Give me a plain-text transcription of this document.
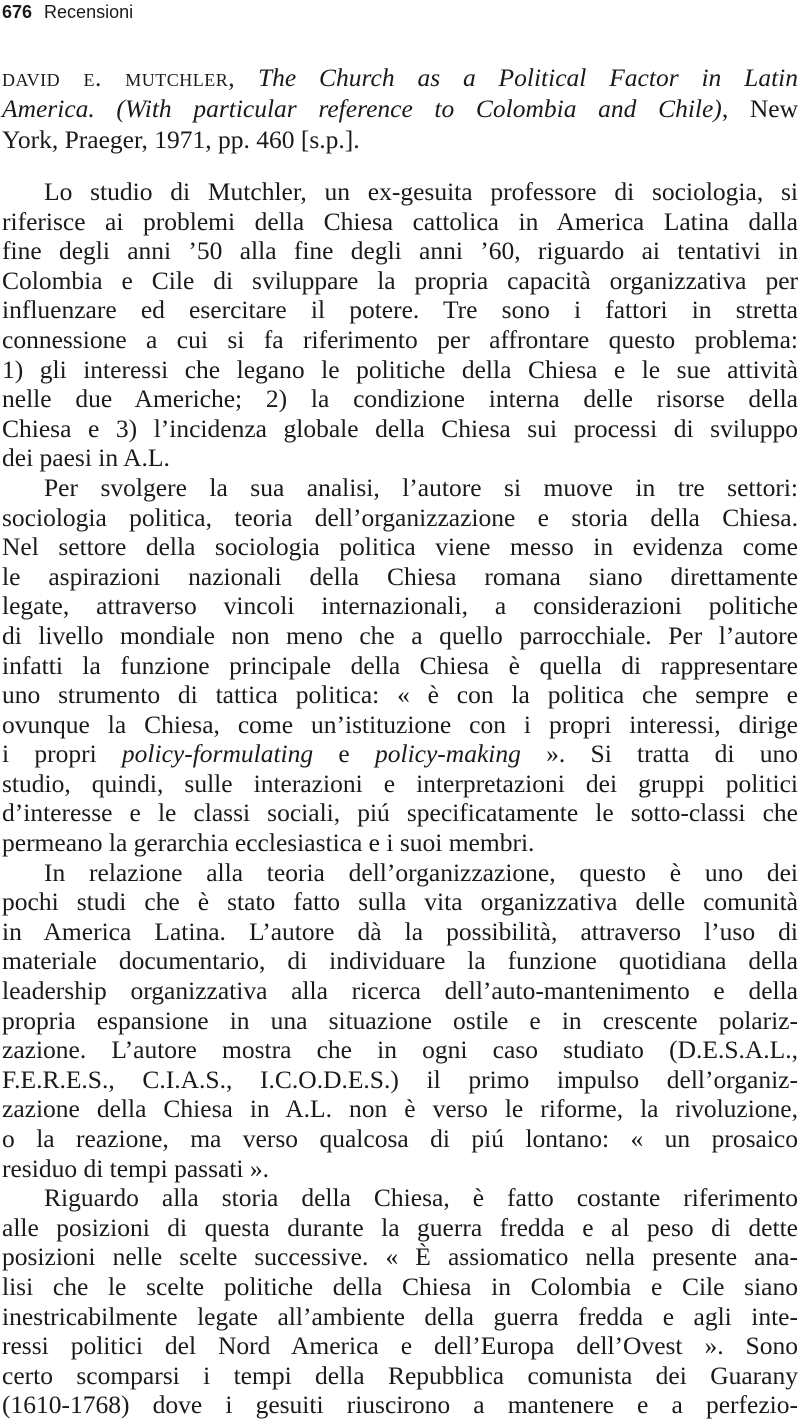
676 Recensioni
david e. mutchler, The Church as a Political Factor in Latin
America. (With particular reference to Colombia and Chile), New
York, Praeger, 1971, pp. 460 [s.p.].

Lo studio di Mutchler, un ex-gesuita professore di sociologia, si
riferisce ai problemi della Chiesa cattolica in America Latina dalla
fine degli anni ’50 alla fine degli anni ’60, riguardo ai tentativi in
Colombia e Cile di sviluppare la propria capacità organizzativa per
influenzare ed esercitare il potere. Tre sono i fattori in stretta
connessione a cui si fa riferimento per affrontare questo problema:
1) gli interessi che legano le politiche della Chiesa e le sue attività
nelle due Americhe; 2) la condizione interna delle risorse della
Chiesa e 3) l’incidenza globale della Chiesa sui processi di sviluppo
dei paesi in A.L.

Per svolgere la sua analisi, l’autore si muove in tre settori:
sociologia politica, teoria dell’organizzazione e storia della Chiesa.
Nel settore della sociologia politica viene messo in evidenza come
le aspirazioni nazionali della Chiesa romana siano direttamente
legate, attraverso vincoli internazionali, a considerazioni politiche
di livello mondiale non meno che a quello parrocchiale. Per l’autore
infatti la funzione principale della Chiesa è quella di rappresentare
uno strumento di tattica politica: « è con la politica che sempre e
ovunque la Chiesa, come un’istituzione con i propri interessi, dirige
i propri policy-formulating e policy-making ». Si tratta di uno
studio, quindi, sulle interazioni e interpretazioni dei gruppi politici
d’interesse e le classi sociali, piú specificatamente le sotto-classi che
permeano la gerarchia ecclesiastica e i suoi membri.

In relazione alla teoria dell’organizzazione, questo è uno dei
pochi studi che è stato fatto sulla vita organizzativa delle comunità
in America Latina. L’autore dà la possibilità, attraverso l’uso di
materiale documentario, di individuare la funzione quotidiana della
leadership organizzativa alla ricerca dell’auto-mantenimento e della
propria espansione in una situazione ostile e in crescente polariz-
zazione. L’autore mostra che in ogni caso studiato (D.E.S.A.L.,
F.E.R.E.S., C.I.A.S., I.C.O.D.E.S.) il primo impulso dell’organiz-
zazione della Chiesa in A.L. non è verso le riforme, la rivoluzione,
o la reazione, ma verso qualcosa di piú lontano: « un prosaico
residuo di tempi passati ».

Riguardo alla storia della Chiesa, è fatto costante riferimento
alle posizioni di questa durante la guerra fredda e al peso di dette
posizioni nelle scelte successive. « È assiomatico nella presente ana-
lisi che le scelte politiche della Chiesa in Colombia e Cile siano
inestricabilmente legate all’ambiente della guerra fredda e agli inte-
ressi politici del Nord America e dell’Europa dell’Ovest ». Sono
certo scomparsi i tempi della Repubblica comunista dei Guarany
(1610-1768) dove i gesuiti riuscirono a mantenere e a perfezio-
